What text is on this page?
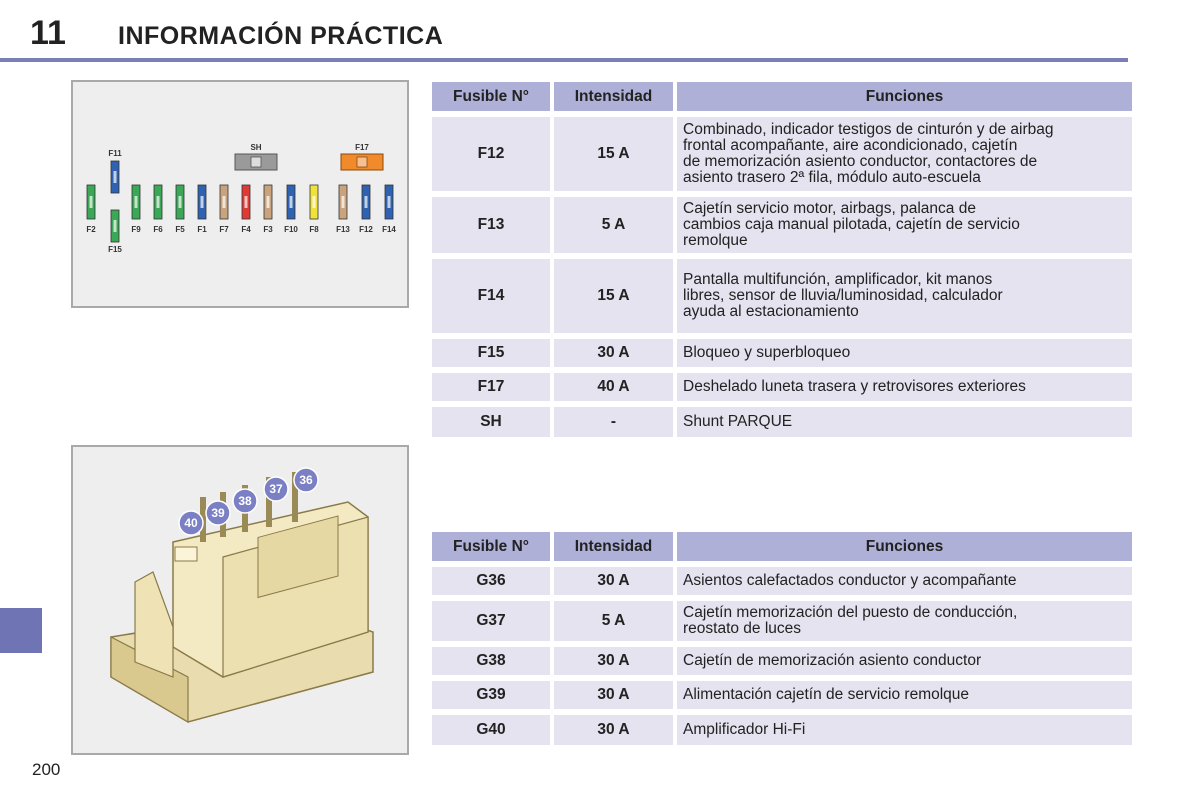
11 INFORMACIÓN PRÁCTICA
200
SH	F17
F11
F15
F2	F9 F6 F5 F1 F7 F4 F3 F10 F8 F13 F12 F14
36
37
38
39
40
Fusible N°	Intensidad	Funciones
F12	15 A	Combinado, indicador testigos de cinturón y de airbag
frontal acompañante, aire acondicionado, cajetín
de memorización asiento conductor, contactores de
asiento trasero 2ª fila, módulo auto-escuela

F13	5 A	Cajetín servicio motor, airbags, palanca de
cambios caja manual pilotada, cajetín de servicio
remolque

F14	15 A	Pantalla multifunción, amplificador, kit manos
libres, sensor de lluvia/luminosidad, calculador
ayuda al estacionamiento

F15	30 A	Bloqueo y superbloqueo

F17	40 A	Deshelado luneta trasera y retrovisores exteriores

SH	-	Shunt PARQUE
Fusible N°	Intensidad	Funciones
G36	30 A	Asientos calefactados conductor y acompañante

G37	5 A	Cajetín memorización del puesto de conducción,
reostato de luces

G38	30 A	Cajetín de memorización asiento conductor

G39	30 A	Alimentación cajetín de servicio remolque

G40	30 A	Amplificador Hi-Fi
